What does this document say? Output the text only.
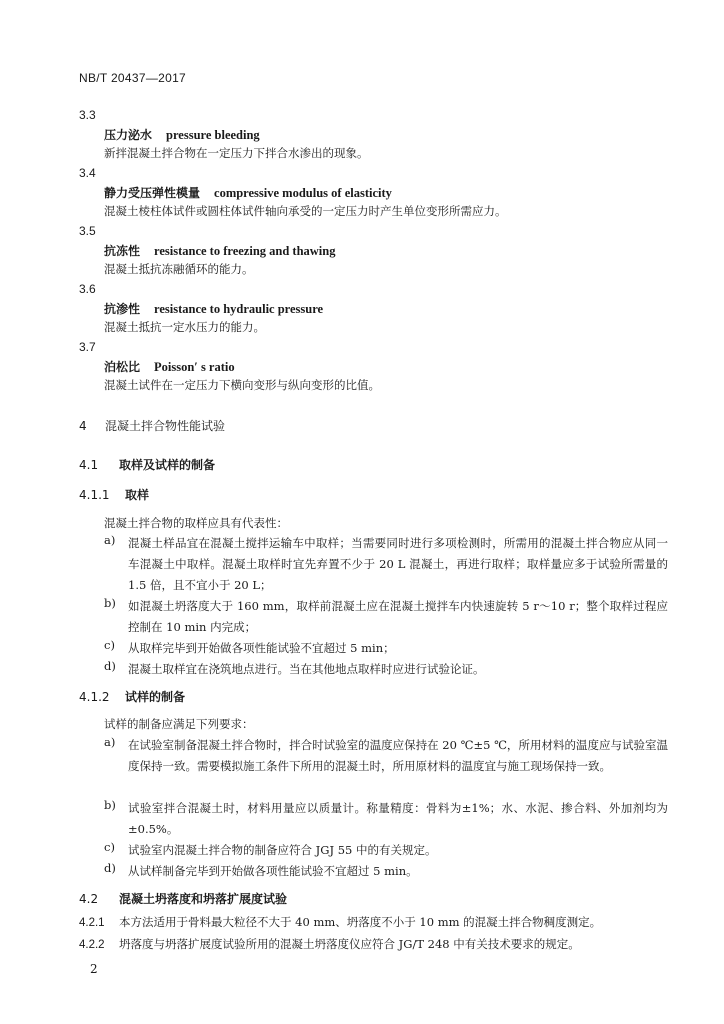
NB/T 20437—2017
3.3
压力泌水 pressure bleeding
新拌混凝土拌合物在一定压力下拌合水渗出的现象。
3.4
静力受压弹性模量 compressive modulus of elasticity
混凝土棱柱体试件或圆柱体试件轴向承受的一定压力时产生单位变形所需应力。
3.5
抗冻性 resistance to freezing and thawing
混凝土抵抗冻融循环的能力。
3.6
抗渗性 resistance to hydraulic pressure
混凝土抵抗一定水压力的能力。
3.7
泊松比 Poisson′ s ratio
混凝土试件在一定压力下横向变形与纵向变形的比值。
4 混凝土拌合物性能试验
4.1 取样及试样的制备
4.1.1 取样
混凝土拌合物的取样应具有代表性：
a) 混凝土样品宜在混凝土搅拌运输车中取样；当需要同时进行多项检测时，所需用的混凝土拌合物应从同一车混凝土中取样。混凝土取样时宜先弃置不少于 20 L 混凝土，再进行取样；取样量应多于试验所需量的 1.5 倍，且不宜小于 20 L；
b) 如混凝土坍落度大于 160 mm，取样前混凝土应在混凝土搅拌车内快速旋转 5 r～10 r；整个取样过程应控制在 10 min 内完成；
c) 从取样完毕到开始做各项性能试验不宜超过 5 min；
d) 混凝土取样宜在浇筑地点进行。当在其他地点取样时应进行试验论证。
4.1.2 试样的制备
试样的制备应满足下列要求：
a) 在试验室制备混凝土拌合物时，拌合时试验室的温度应保持在 20 ℃±5 ℃，所用材料的温度应与试验室温度保持一致。需要模拟施工条件下所用的混凝土时，所用原材料的温度宜与施工现场保持一致。
b) 试验室拌合混凝土时，材料用量应以质量计。称量精度：骨料为±1%；水、水泥、掺合料、外加剂均为±0.5%。
c) 试验室内混凝土拌合物的制备应符合 JGJ 55 中的有关规定。
d) 从试样制备完毕到开始做各项性能试验不宜超过 5 min。
4.2 混凝土坍落度和坍落扩展度试验
4.2.1 本方法适用于骨料最大粒径不大于 40 mm、坍落度不小于 10 mm 的混凝土拌合物稠度测定。
4.2.2 坍落度与坍落扩展度试验所用的混凝土坍落度仪应符合 JG/T 248 中有关技术要求的规定。
2
